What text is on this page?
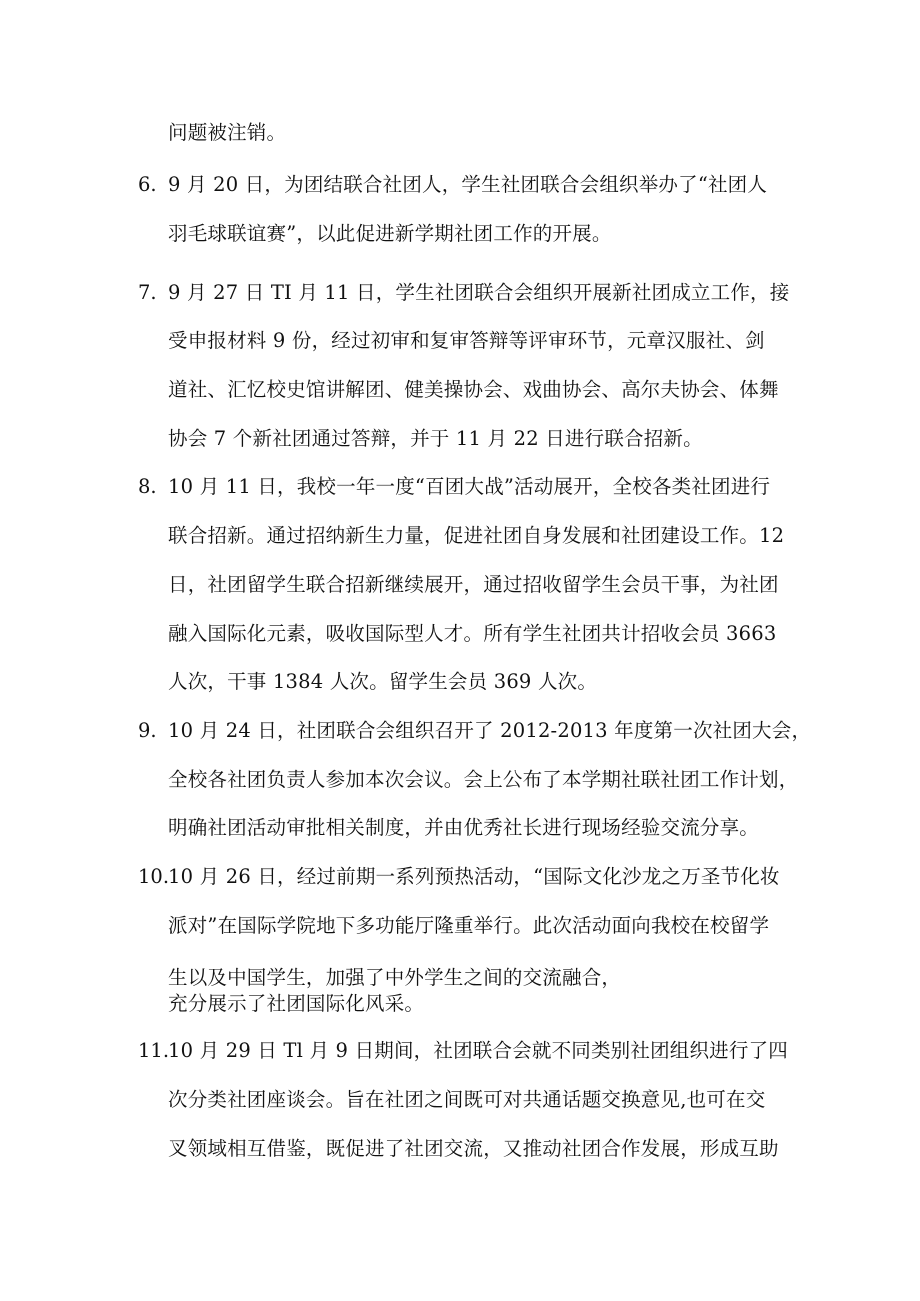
问题被注销。
6. 9 月 20 日，为团结联合社团人，学生社团联合会组织举办了“社团人
羽毛球联谊赛”，以此促进新学期社团工作的开展。
7. 9 月 27 日 TI 月 11 日，学生社团联合会组织开展新社团成立工作，接
受申报材料 9 份，经过初审和复审答辩等评审环节，元章汉服社、剑
道社、汇忆校史馆讲解团、健美操协会、戏曲协会、高尔夫协会、体舞
协会 7 个新社团通过答辩，并于 11 月 22 日进行联合招新。
8. 10 月 11 日，我校一年一度“百团大战”活动展开，全校各类社团进行
联合招新。通过招纳新生力量，促进社团自身发展和社团建设工作。12
日，社团留学生联合招新继续展开，通过招收留学生会员干事，为社团
融入国际化元素，吸收国际型人才。所有学生社团共计招收会员 3663
人次，干事 1384 人次。留学生会员 369 人次。
9. 10 月 24 日，社团联合会组织召开了 2012-2013 年度第一次社团大会，
全校各社团负责人参加本次会议。会上公布了本学期社联社团工作计划，
明确社团活动审批相关制度，并由优秀社长进行现场经验交流分享。
10.
10 月 26 日，经过前期一系列预热活动，“国际文化沙龙之万圣节化妆
派对”在国际学院地下多功能厅隆重举行。此次活动面向我校在校留学
生以及中国学生，加强了中外学生之间的交流融合，
充分展示了社团国际化风采。
11.
10 月 29 日 Tl 月 9 日期间，社团联合会就不同类别社团组织进行了四
次分类社团座谈会。旨在社团之间既可对共通话题交换意见,也可在交
叉领域相互借鉴，既促进了社团交流，又推动社团合作发展，形成互助
